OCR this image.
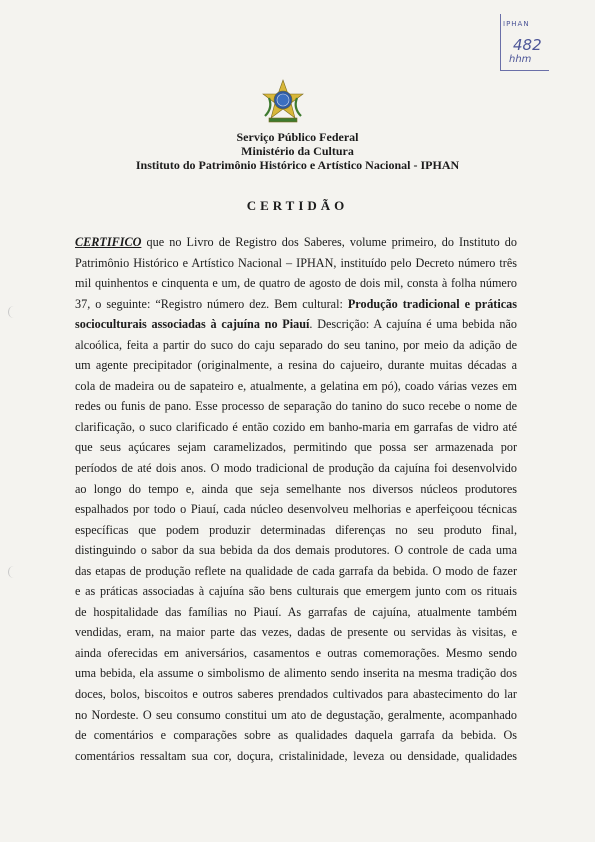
IPHAN
482
hhm
Serviço Público Federal
Ministério da Cultura
Instituto do Patrimônio Histórico e Artístico Nacional - IPHAN
CERTIDÃO
CERTIFICO que no Livro de Registro dos Saberes, volume primeiro, do Instituto do
Patrimônio Histórico e Artístico Nacional – IPHAN, instituído pelo Decreto número três
mil quinhentos e cinquenta e um, de quatro de agosto de dois mil, consta à folha número
37, o seguinte: “Registro número dez. Bem cultural: Produção tradicional e práticas
socioculturais associadas à cajuína no Piauí. Descrição: A cajuína é uma bebida não
alcoólica, feita a partir do suco do caju separado do seu tanino, por meio da adição de
um agente precipitador (originalmente, a resina do cajueiro, durante muitas décadas a
cola de madeira ou de sapateiro e, atualmente, a gelatina em pó), coado várias vezes em
redes ou funis de pano. Esse processo de separação do tanino do suco recebe o nome de
clarificação, o suco clarificado é então cozido em banho-maria em garrafas de vidro até
que seus açúcares sejam caramelizados, permitindo que possa ser armazenada por
períodos de até dois anos. O modo tradicional de produção da cajuína foi desenvolvido
ao longo do tempo e, ainda que seja semelhante nos diversos núcleos produtores
espalhados por todo o Piauí, cada núcleo desenvolveu melhorias e aperfeiçoou técnicas
específicas que podem produzir determinadas diferenças no seu produto final,
distinguindo o sabor da sua bebida da dos demais produtores. O controle de cada uma
das etapas de produção reflete na qualidade de cada garrafa da bebida. O modo de fazer
e as práticas associadas à cajuína são bens culturais que emergem junto com os rituais
de hospitalidade das famílias no Piauí. As garrafas de cajuína, atualmente também
vendidas, eram, na maior parte das vezes, dadas de presente ou servidas às visitas, e
ainda oferecidas em aniversários, casamentos e outras comemorações. Mesmo sendo
uma bebida, ela assume o simbolismo de alimento sendo inserita na mesma tradição dos
doces, bolos, biscoitos e outros saberes prendados cultivados para abastecimento do lar
no Nordeste. O seu consumo constitui um ato de degustação, geralmente, acompanhado
de comentários e comparações sobre as qualidades daquela garrafa da bebida. Os
comentários ressaltam sua cor, doçura, cristalinidade, leveza ou densidade, qualidades
